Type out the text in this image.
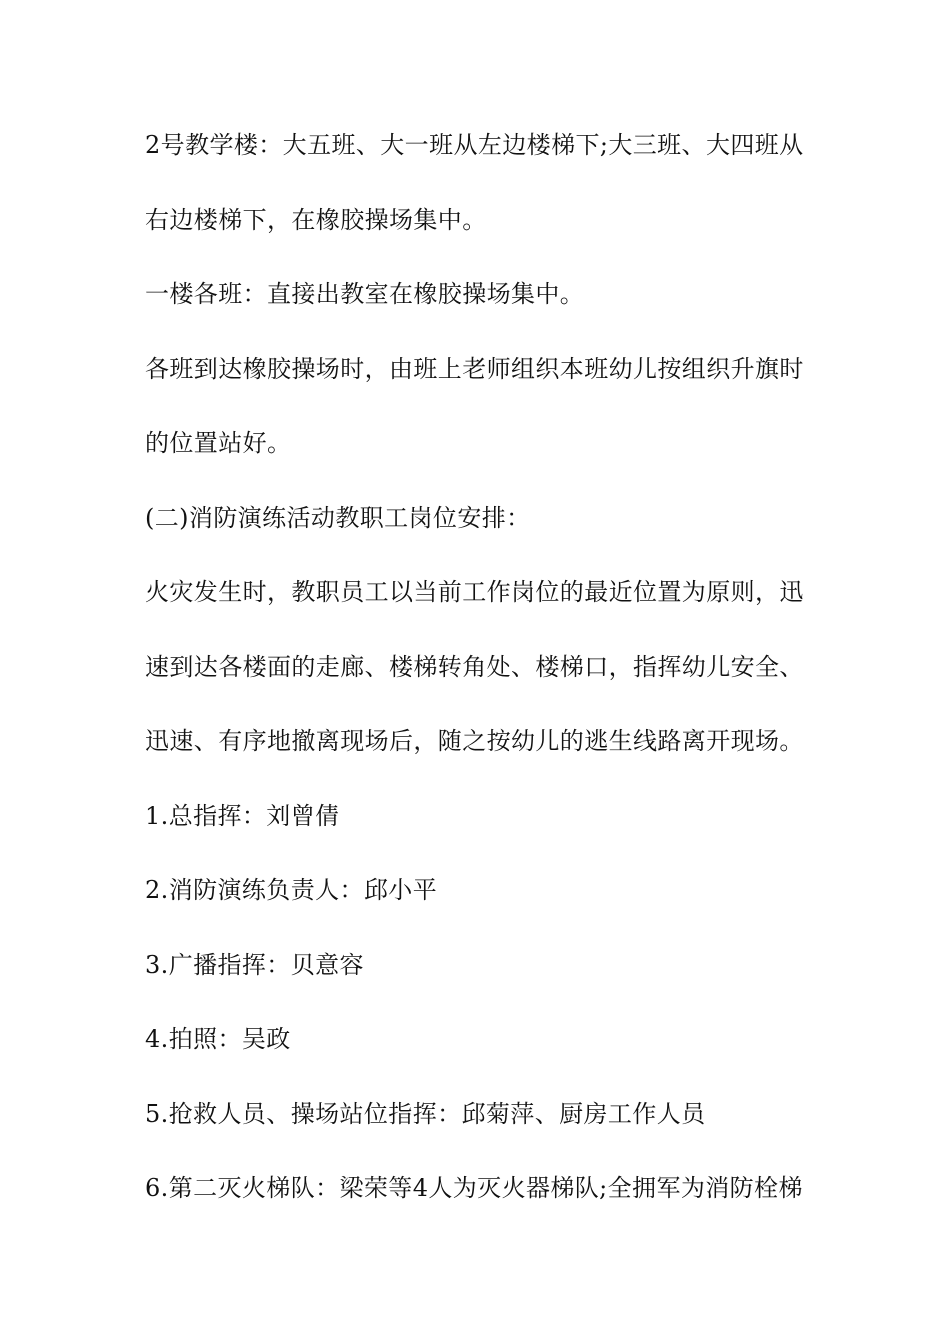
2号教学楼：大五班、大一班从左边楼梯下;大三班、大四班从

右边楼梯下，在橡胶操场集中。

一楼各班：直接出教室在橡胶操场集中。

各班到达橡胶操场时，由班上老师组织本班幼儿按组织升旗时

的位置站好。

(二)消防演练活动教职工岗位安排：

火灾发生时，教职员工以当前工作岗位的最近位置为原则，迅

速到达各楼面的走廊、楼梯转角处、楼梯口，指挥幼儿安全、

迅速、有序地撤离现场后，随之按幼儿的逃生线路离开现场。

1.总指挥：刘曾倩

2.消防演练负责人：邱小平

3.广播指挥：贝意容

4.拍照：吴政

5.抢救人员、操场站位指挥：邱菊萍、厨房工作人员

6.第二灭火梯队：梁荣等4人为灭火器梯队;全拥军为消防栓梯
